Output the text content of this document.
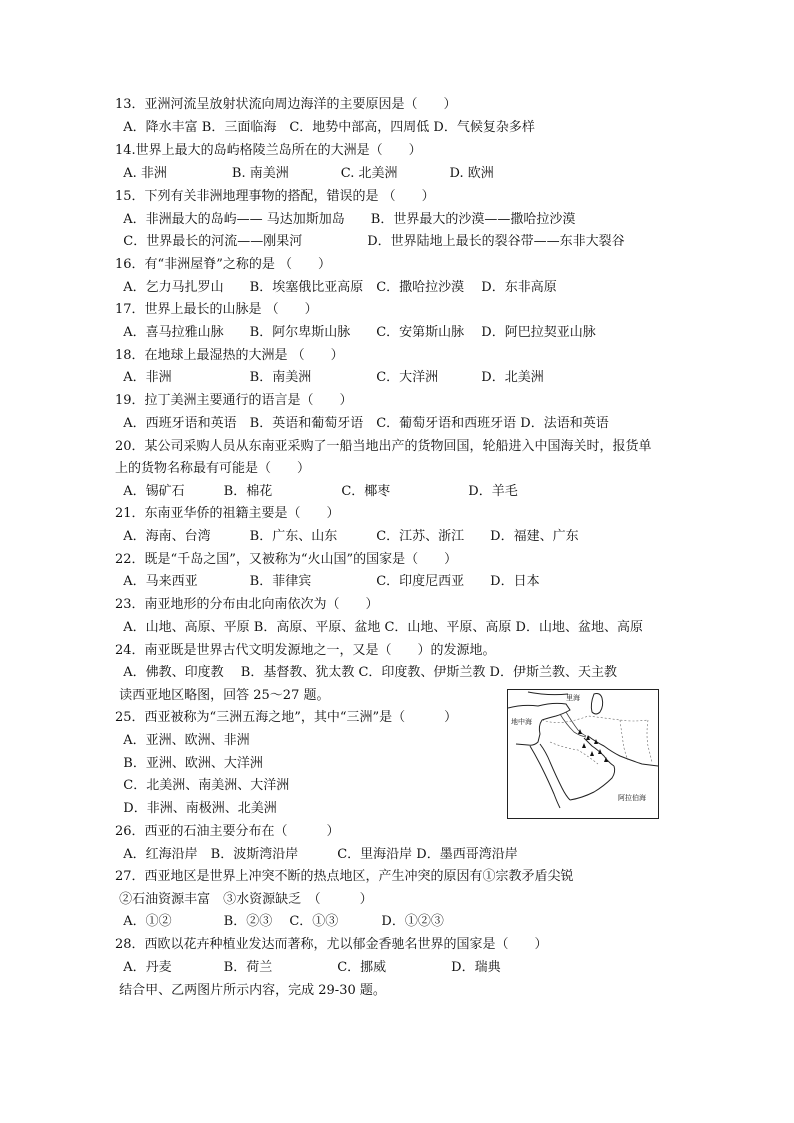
13．亚洲河流呈放射状流向周边海洋的主要原因是（　　）
A．降水丰富 B．三面临海　C．地势中部高，四周低 D．气候复杂多样
14.世界上最大的岛屿格陵兰岛所在的大洲是（　　）
A. 非洲　　　　　B. 南美洲　　　　C. 北美洲　　　　D. 欧洲
15．下列有关非洲地理事物的搭配，错误的是 （　　）
A．非洲最大的岛屿—— 马达加斯加岛　　B．世界最大的沙漠——撒哈拉沙漠
C．世界最长的河流——刚果河　　　　　D．世界陆地上最长的裂谷带——东非大裂谷
16．有“非洲屋脊”之称的是 （　　）
A．乞力马扎罗山　　B．埃塞俄比亚高原　C．撒哈拉沙漠　 D．东非高原
17．世界上最长的山脉是 （　　）
A．喜马拉雅山脉　　B．阿尔卑斯山脉　　C．安第斯山脉　 D．阿巴拉契亚山脉
18．在地球上最湿热的大洲是 （　　）
A．非洲　　　　　　B．南美洲　　　　　C．大洋洲　　　 D．北美洲
19．拉丁美洲主要通行的语言是（　　）
A．西班牙语和英语　B．英语和葡萄牙语　C．葡萄牙语和西班牙语 D．法语和英语
20．某公司采购人员从东南亚采购了一船当地出产的货物回国，轮船进入中国海关时，报货单
上的货物名称最有可能是（　　）
A．锡矿石　　　B．棉花　　　　　 C．椰枣　　　　　　D．羊毛
21．东南亚华侨的祖籍主要是（　　）
A．海南、台湾　　　B．广东、山东　　　C．江苏、浙江　　D．福建、广东
22．既是“千岛之国”，又被称为“火山国”的国家是（　　）
A．马来西亚　　　　B．菲律宾　　　　　C．印度尼西亚　　D．日本
23．南亚地形的分布由北向南依次为（　　）
A．山地、高原、平原 B．高原、平原、盆地 C．山地、平原、高原 D．山地、盆地、高原
24．南亚既是世界古代文明发源地之一，又是（　　）的发源地。
A．佛教、印度教　 B．基督教、犹太教 C．印度教、伊斯兰教 D．伊斯兰教、天主教
读西亚地区略图，回答 25～27 题。
25．西亚被称为“三洲五海之地”，其中“三洲”是（　　　）
A．亚洲、欧洲、非洲
B．亚洲、欧洲、大洋洲
C．北美洲、南美洲、大洋洲
D．非洲、南极洲、北美洲
26．西亚的石油主要分布在（　　　）
A．红海沿岸　B．波斯湾沿岸　　　C．里海沿岸 D．墨西哥湾沿岸
27．西亚地区是世界上冲突不断的热点地区，产生冲突的原因有①宗教矛盾尖锐
②石油资源丰富　③水资源缺乏　（　　　）
A．①②　　　　B．②③　 C．①③　　　 D．①②③
28．西欧以花卉种植业发达而著称，尤以郁金香驰名世界的国家是（　　）
A．丹麦　　　　B．荷兰　　　　　C．挪威　　　　　D．瑞典
结合甲、乙两图片所示内容，完成 29-30 题。
里海
地中海
阿拉伯海
